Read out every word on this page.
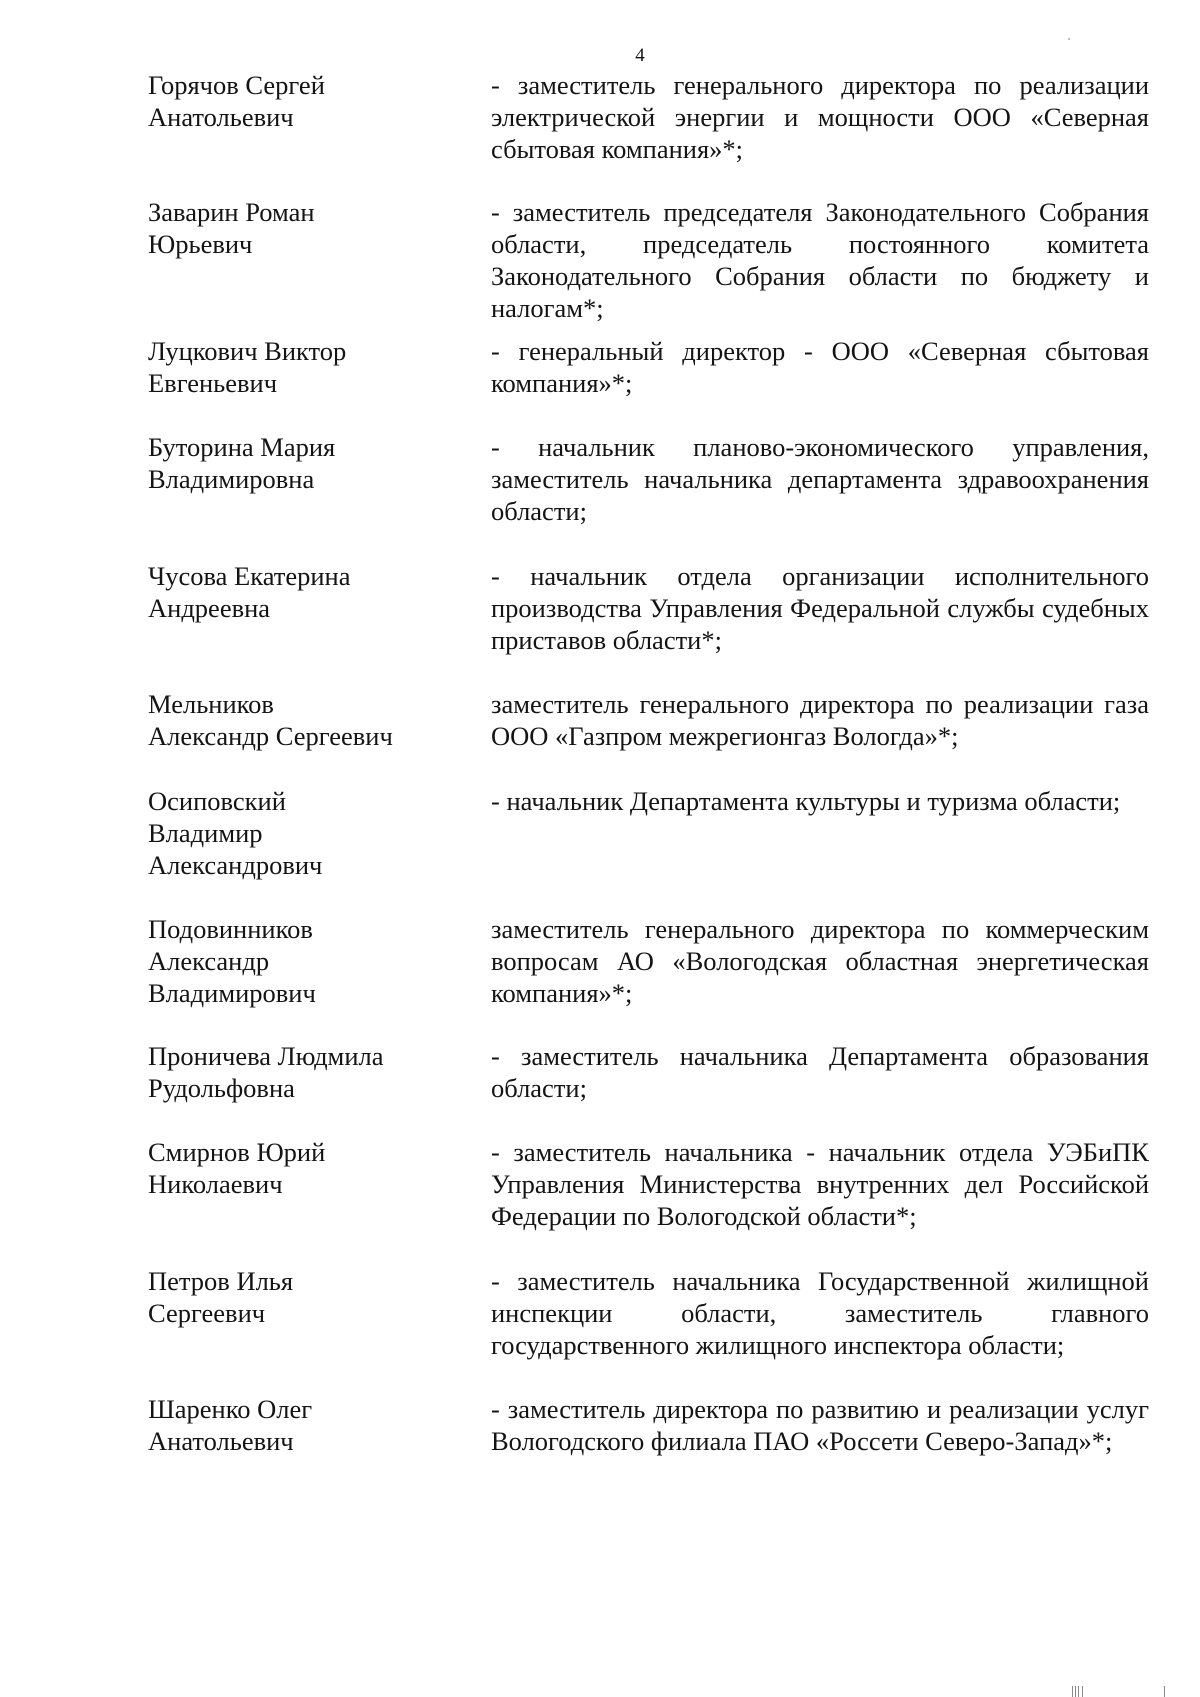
4
Горячов Сергей
Анатольевич
- заместитель генерального директора по реализации электрической энергии и мощности ООО «Северная сбытовая компания»*;
Заварин Роман
Юрьевич
- заместитель председателя Законодательного Собрания области, председатель постоянного комитета Законодательного Собрания области по бюджету и налогам*;
Луцкович Виктор
Евгеньевич
- генеральный директор - ООО «Северная сбытовая компания»*;
Буторина Мария
Владимировна
- начальник планово-экономического управления, заместитель начальника департамента здравоохранения области;
Чусова Екатерина
Андреевна
- начальник отдела организации исполнительного производства Управления Федеральной службы судебных приставов области*;
Мельников
Александр Сергеевич
заместитель генерального директора по реализации газа ООО «Газпром межрегионгаз Вологда»*;
Осиповский
Владимир
Александрович
- начальник Департамента культуры и туризма области;
Подовинников
Александр
Владимирович
заместитель генерального директора по коммерческим вопросам АО «Вологодская областная энергетическая компания»*;
Проничева Людмила
Рудольфовна
- заместитель начальника Департамента образования области;
Смирнов Юрий
Николаевич
- заместитель начальника - начальник отдела УЭБиПК Управления Министерства внутренних дел Российской Федерации по Вологодской области*;
Петров Илья
Сергеевич
- заместитель начальника Государственной жилищной инспекции области, заместитель главного государственного жилищного инспектора области;
Шаренко Олег
Анатольевич
- заместитель директора по развитию и реализации услуг Вологодского филиала ПАО «Россети Северо-Запад»*;
